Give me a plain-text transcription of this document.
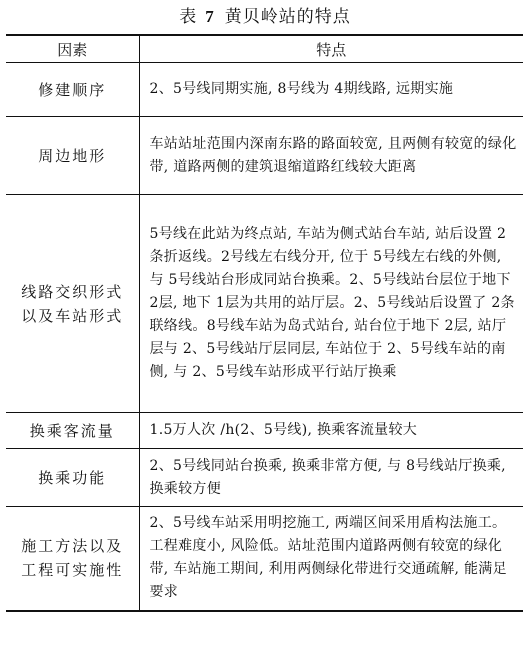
表 7 黄贝岭站的特点
因素	特点
修建顺序	2、5号线同期实施, 8号线为 4期线路, 远期实施
周边地形	车站站址范围内深南东路的路面较宽, 且两侧有较宽的绿化带, 道路两侧的建筑退缩道路红线较大距离
线路交织形式以及车站形式	5号线在此站为终点站, 车站为侧式站台车站, 站后设置 2条折返线。2号线左右线分开, 位于 5号线左右线的外侧, 与 5号线站台形成同站台换乘。2、5号线站台层位于地下 2层, 地下 1层为共用的站厅层。2、5号线站后设置了 2条联络线。8号线车站为岛式站台, 站台位于地下 2层, 站厅层与 2、5号线站厅层同层, 车站位于 2、5号线车站的南侧, 与 2、5号线车站形成平行站厅换乘
换乘客流量	1.5万人次 /h(2、5号线), 换乘客流量较大
换乘功能	2、5号线同站台换乘, 换乘非常方便, 与 8号线站厅换乘, 换乘较方便
施工方法以及工程可实施性	2、5号线车站采用明挖施工, 两端区间采用盾构法施工。工程难度小, 风险低。站址范围内道路两侧有较宽的绿化带, 车站施工期间, 利用两侧绿化带进行交通疏解, 能满足要求
